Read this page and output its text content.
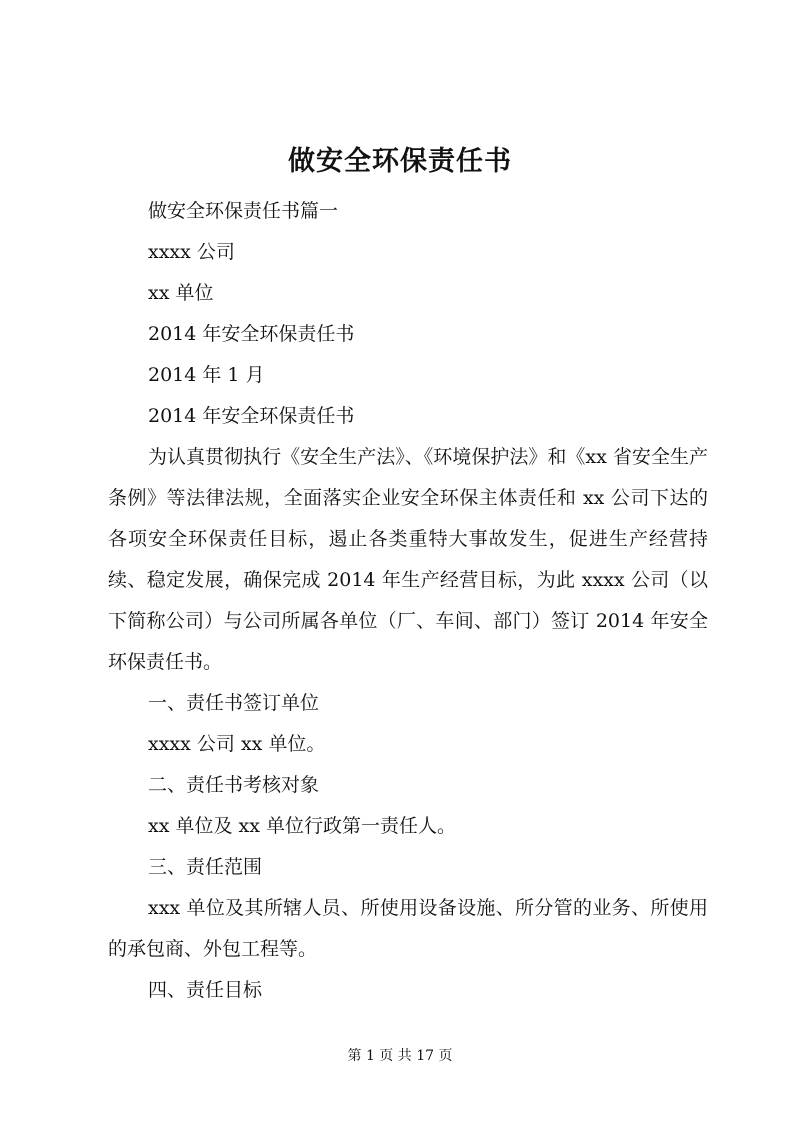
做安全环保责任书

做安全环保责任书篇一

xxxx 公司

xx 单位

2014 年安全环保责任书

2014 年 1 月

2014 年安全环保责任书

为认真贯彻执行《安全生产法》、《环境保护法》和《xx 省安全生产条例》等法律法规，全面落实企业安全环保主体责任和 xx 公司下达的各项安全环保责任目标，遏止各类重特大事故发生，促进生产经营持续、稳定发展，确保完成 2014 年生产经营目标，为此 xxxx 公司（以下简称公司）与公司所属各单位（厂、车间、部门）签订 2014 年安全环保责任书。

一、责任书签订单位

xxxx 公司 xx 单位。

二、责任书考核对象

xx 单位及 xx 单位行政第一责任人。

三、责任范围

xxx 单位及其所辖人员、所使用设备设施、所分管的业务、所使用的承包商、外包工程等。

四、责任目标

第 1 页 共 17 页
